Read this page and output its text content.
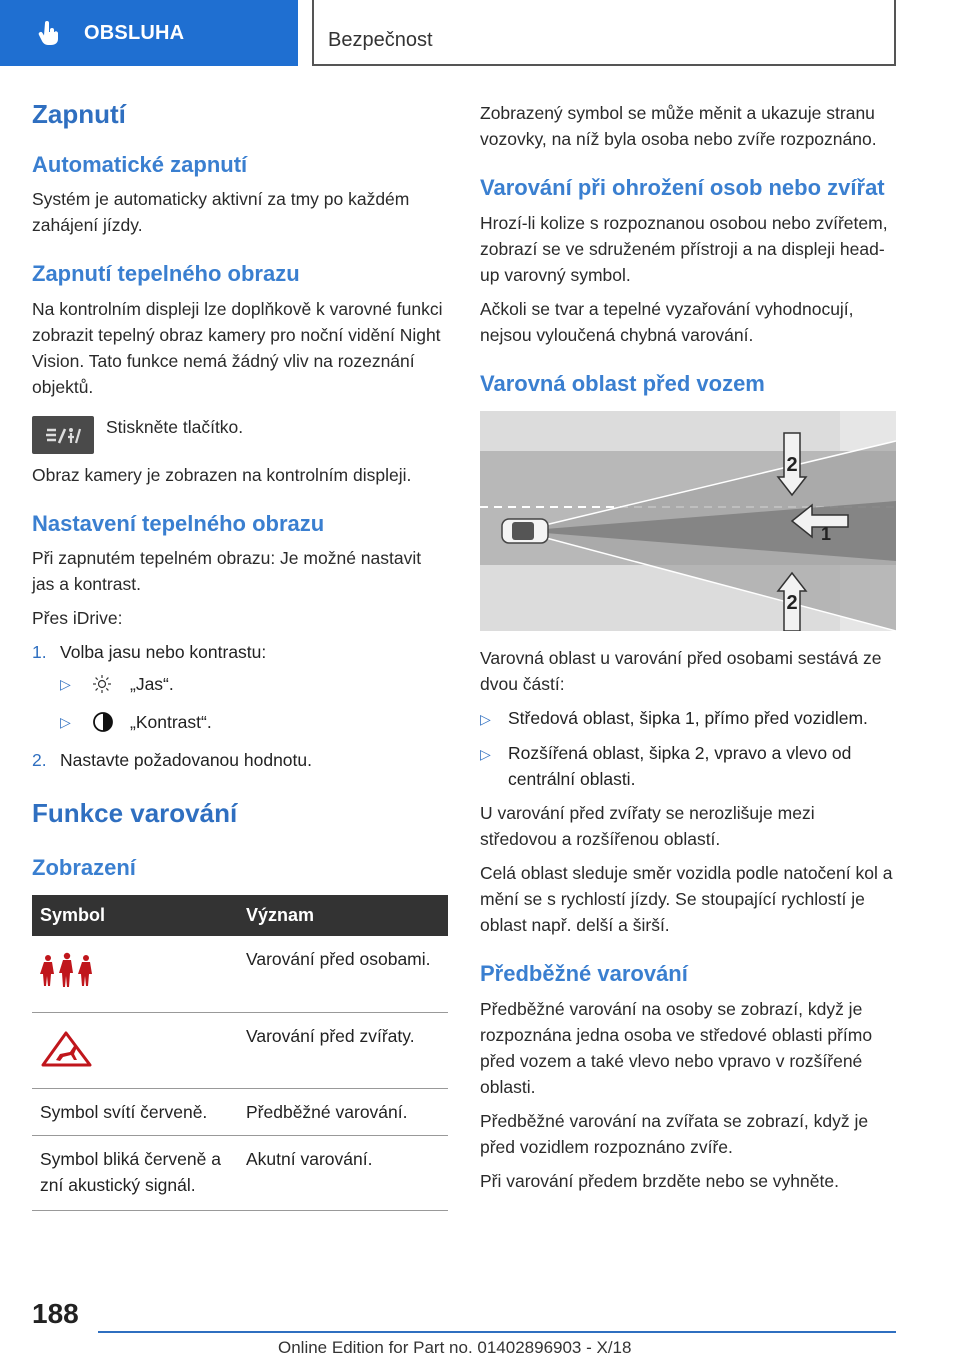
OBSLUHA	Bezpečnost
Zapnutí
Automatické zapnutí

Systém je automaticky aktivní za tmy po každém zahájení jízdy.

Zapnutí tepelného obrazu

Na kontrolním displeji lze doplňkově k varovné funkci zobrazit tepelný obraz kamery pro noční vidění Night Vision. Tato funkce nemá žádný vliv na rozeznání objektů.

Stiskněte tlačítko.

Obraz kamery je zobrazen na kontrolním displeji.

Nastavení tepelného obrazu

Při zapnutém tepelném obrazu: Je možné nastavit jas a kontrast.

Přes iDrive:

1. Volba jasu nebo kontrastu:
▷	„Jas“.
▷	„Kontrast“.
2. Nastavte požadovanou hodnotu.
Funkce varování
Zobrazení
Symbol	Význam
	Varování před osobami.
	Varování před zvířaty.
Symbol svítí červeně.	Předběžné varování.
Symbol bliká červeně a zní akustický signál.	Akutní varování.

Zobrazený symbol se může měnit a ukazuje stranu vozovky, na níž byla osoba nebo zvíře rozpoznáno.

Varování při ohrožení osob nebo zvířat

Hrozí-li kolize s rozpoznanou osobou nebo zvířetem, zobrazí se ve sdruženém přístroji a na displeji head-up varovný symbol.

Ačkoli se tvar a tepelné vyzařování vyhodnocují, nejsou vyloučená chybná varování.

Varovná oblast před vozem
2
1
2

Varovná oblast u varování před osobami sestává ze dvou částí:

▷ Středová oblast, šipka 1, přímo před vozidlem.
▷ Rozšířená oblast, šipka 2, vpravo a vlevo od centrální oblasti.

U varování před zvířaty se nerozlišuje mezi středovou a rozšířenou oblastí.

Celá oblast sleduje směr vozidla podle natočení kol a mění se s rychlostí jízdy. Se stoupající rychlostí je oblast např. delší a širší.

Předběžné varování

Předběžné varování na osoby se zobrazí, když je rozpoznána jedna osoba ve středové oblasti přímo před vozem a také vlevo nebo vpravo v rozšířené oblasti.

Předběžné varování na zvířata se zobrazí, když je před vozidlem rozpoznáno zvíře.

Při varování předem brzděte nebo se vyhněte.

188
Online Edition for Part no. 01402896903 - X/18
